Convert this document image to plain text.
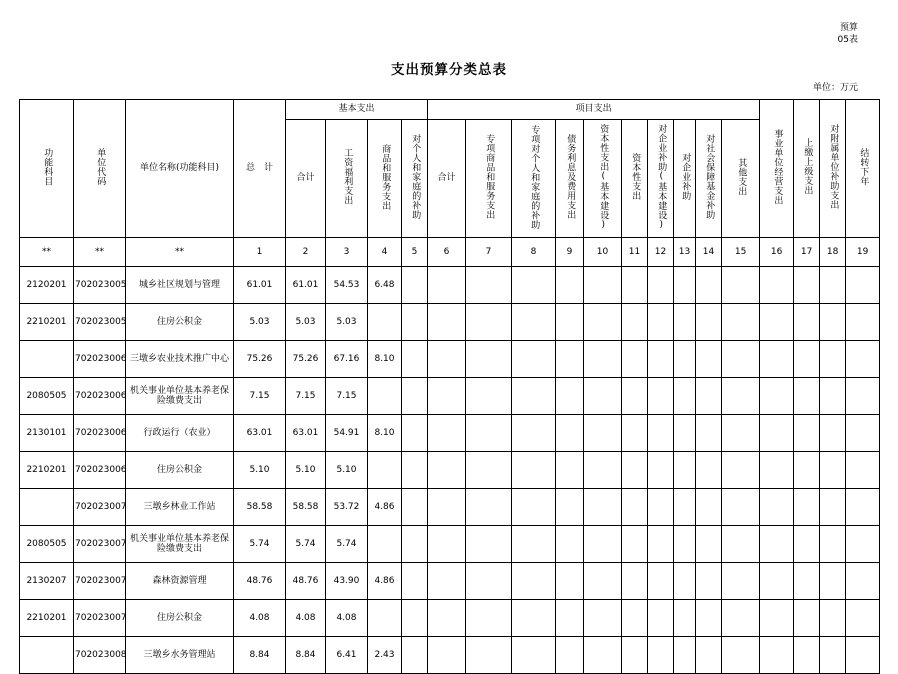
预算
05表
支出预算分类总表
单位：万元
功能科目	单位代码	单位名称(功能科目)	总　计	基本支出				项目支出										事业单位经营支出	上缴上级支出	对附属单位补助支出	结转下年
				合计	工资福利支出	商品和服务支出	对个人和家庭的补助	合计	专项商品和服务支出	专项对个人和家庭的补助	债务利息及费用支出	资本性支出(基本建设)	资本性支出	对企业补助(基本建设)	对企业补助	对社会保障基金补助	其他支出				
**	**	**	1	2	3	4	5	6	7	8	9	10	11	12	13	14	15	16	17	18	19
2120201	702023005	城乡社区规划与管理	61.01	61.01	54.53	6.48															
2210201	702023005	住房公积金	5.03	5.03	5.03																
	702023006	三墩乡农业技术推广中心	75.26	75.26	67.16	8.10															
2080505	702023006	机关事业单位基本养老保险缴费支出	7.15	7.15	7.15																
2130101	702023006	行政运行（农业）	63.01	63.01	54.91	8.10															
2210201	702023006	住房公积金	5.10	5.10	5.10																
	702023007	三墩乡林业工作站	58.58	58.58	53.72	4.86															
2080505	702023007	机关事业单位基本养老保险缴费支出	5.74	5.74	5.74																
2130207	702023007	森林资源管理	48.76	48.76	43.90	4.86															
2210201	702023007	住房公积金	4.08	4.08	4.08																
	702023008	三墩乡水务管理站	8.84	8.84	6.41	2.43															
